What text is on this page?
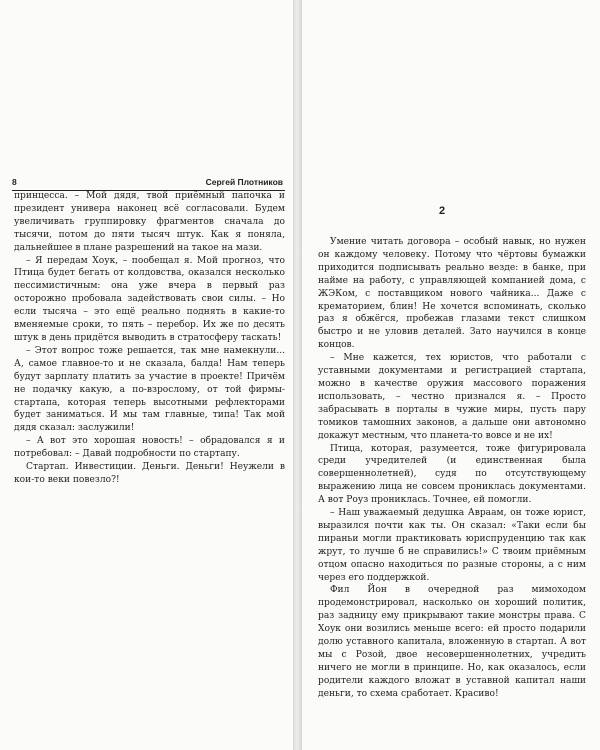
8	Сергей Плотников

принцесса. – Мой дядя, твой приёмный папочка и президент универа наконец всё согласовали. Будем увеличивать группировку фрагментов сначала до тысячи, потом до пяти тысяч штук. Как я поняла, дальнейшее в плане разрешений на такое на мази.

– Я передам Хоук, – пообещал я. Мой прогноз, что Птица будет бегать от колдовства, оказался несколько пессимистичным: она уже вчера в первый раз осторожно пробовала задействовать свои силы. – Но если тысяча – это ещё реально поднять в какие-то вменяемые сроки, то пять – перебор. Их же по десять штук в день придётся выводить в стратосферу таскать!

– Этот вопрос тоже решается, так мне намекнули... А, самое главное-то и не сказала, балда! Нам теперь будут зарплату платить за участие в проекте! Причём не подачку какую, а по-взрослому, от той фирмы-стартапа, которая теперь высотными рефлекторами будет заниматься. И мы там главные, типа! Так мой дядя сказал: заслужили!

– А вот это хорошая новость! – обрадовался я и потребовал: – Давай подробности по стартапу.

Стартап. Инвестиции. Деньги. Деньги! Неужели в кои-то веки повезло?!

2

Умение читать договора – особый навык, но нужен он каждому человеку. Потому что чёртовы бумажки приходится подписывать реально везде: в банке, при найме на работу, с управляющей компанией дома, с ЖЭКом, с поставщиком нового чайника... Даже с крематорием, блин! Не хочется вспоминать, сколько раз я обжёгся, пробежав глазами текст слишком быстро и не уловив деталей. Зато научился в конце концов.

– Мне кажется, тех юристов, что работали с уставными документами и регистрацией стартапа, можно в качестве оружия массового поражения использовать, – честно признался я. – Просто забрасывать в порталы в чужие миры, пусть пару томиков тамошних законов, а дальше они автономно докажут местным, что планета-то вовсе и не их!

Птица, которая, разумеется, тоже фигурировала среди учредителей (и единственная была совершеннолетней), судя по отсутствующему выражению лица не совсем прониклась документами. А вот Роуз прониклась. Точнее, ей помогли.

– Наш уважаемый дедушка Авраам, он тоже юрист, выразился почти как ты. Он сказал: «Таки если бы пираньи могли практиковать юриспруденцию так как жрут, то лучше б не справились!» С твоим приёмным отцом опасно находиться по разные стороны, а с ним через его поддержкой.

Фил Йон в очередной раз мимоходом продемонстрировал, насколько он хороший политик, раз задницу ему прикрывают такие монстры права. С Хоук они возились меньше всего: ей просто подарили долю уставного капитала, вложенную в стартап. А вот мы с Розой, двое несовершеннолетних, учредить ничего не могли в принципе. Но, как оказалось, если родители каждого вложат в уставной капитал наши деньги, то схема сработает. Красиво!
